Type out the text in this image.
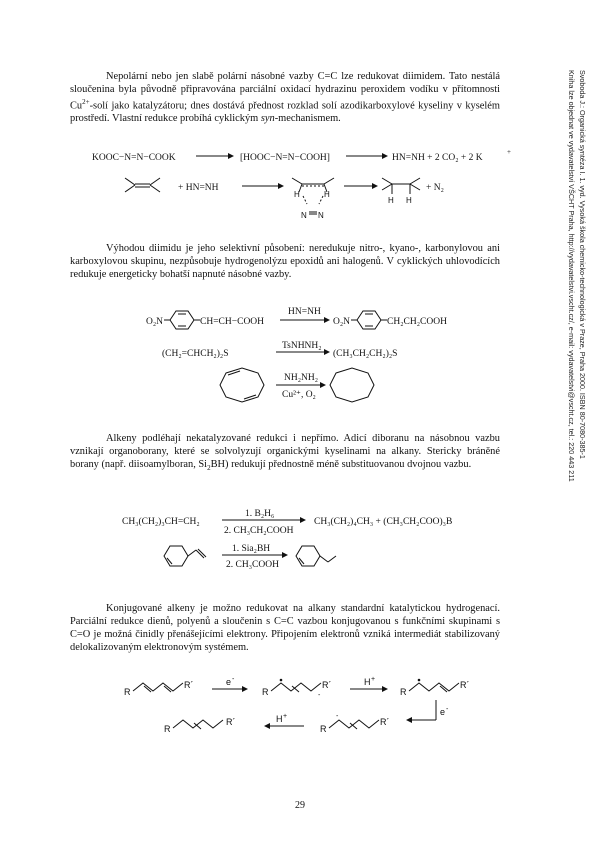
Nepolární nebo jen slabě polární násobné vazby C=C lze redukovat diimidem. Tato nestálá sloučenina byla původně připravována parciální oxidací hydrazinu peroxidem vodíku v přítomnosti $Cu^{2+}$-solí jako katalyzátoru; dnes dostává přednost rozklad solí azodikarboxylové kyseliny v kyselém prostředí. Vlastní redukce probíhá cyklickým syn-mechanismem.

KOOC−N=N−COOK	[HOOC−N=N−COOH]	HN=NH + 2 CO₂ + 2 K
+
+ HN=NH
H	H
N N
H H
+ N₂

Výhodou diimidu je jeho selektivní působení: neredukuje nitro-, kyano-, karbonylovou ani karboxylovou skupinu, nezpůsobuje hydrogenolýzu epoxidů ani halogenů. V cyklických uhlovodících redukuje energeticky bohatší napnuté násobné vazby.

O₂N	CH=CH−COOH
HN=NH
O₂N	CH₂CH₂COOH
(CH₂=CHCH₂)₂S
TsNHNH₂
(CH₃CH₂CH₂)₂S
NH₂NH₂
Cu²⁺, O₂

Alkeny podléhají nekatalyzované redukci i nepřímo. Adicí diboranu na násobnou vazbu vznikají organoborany, které se solvolyzují organickými kyselinami na alkany. Stericky bráněné borany (např. diisoamylboran, $Si_2BH$) redukují přednostně méně substituovanou dvojnou vazbu.

CH₃(CH₂)₃CH=CH₂
1. B₂H₆
2. CH₃CH₂COOH
CH₃(CH₂)₄CH₃ + (CH₃CH₂COO)₃B
1. Sia₂BH
2. CH₃COOH

Konjugované alkeny je možno redukovat na alkany standardní katalytickou hydrogenací. Parciální redukce dienů, polyenů a sloučenin s C=C vazbou konjugovanou s funkčními skupinami s C=O je možná činidly přenášejícími elektrony. Připojením elektronů vzniká intermediát stabilizovaný delokalizovaným elektronovým systémem.

R
R´	e -
R	-
R´	H +
R
R´
e -
R
-
R´
H +
R
R´
Svoboda J.: Organická syntéza I. 1. vyd. Vysoká škola chemicko-technologická v Praze, Praha 2000. ISBN 80-7080-385-1
Kniha lze objednat ve vydavatelství VŠCHT Praha, http://vydavatelstvi.vscht.cz/, e-mail: vydavatelstvi@vscht.cz, tel.: 220 443 211
29
